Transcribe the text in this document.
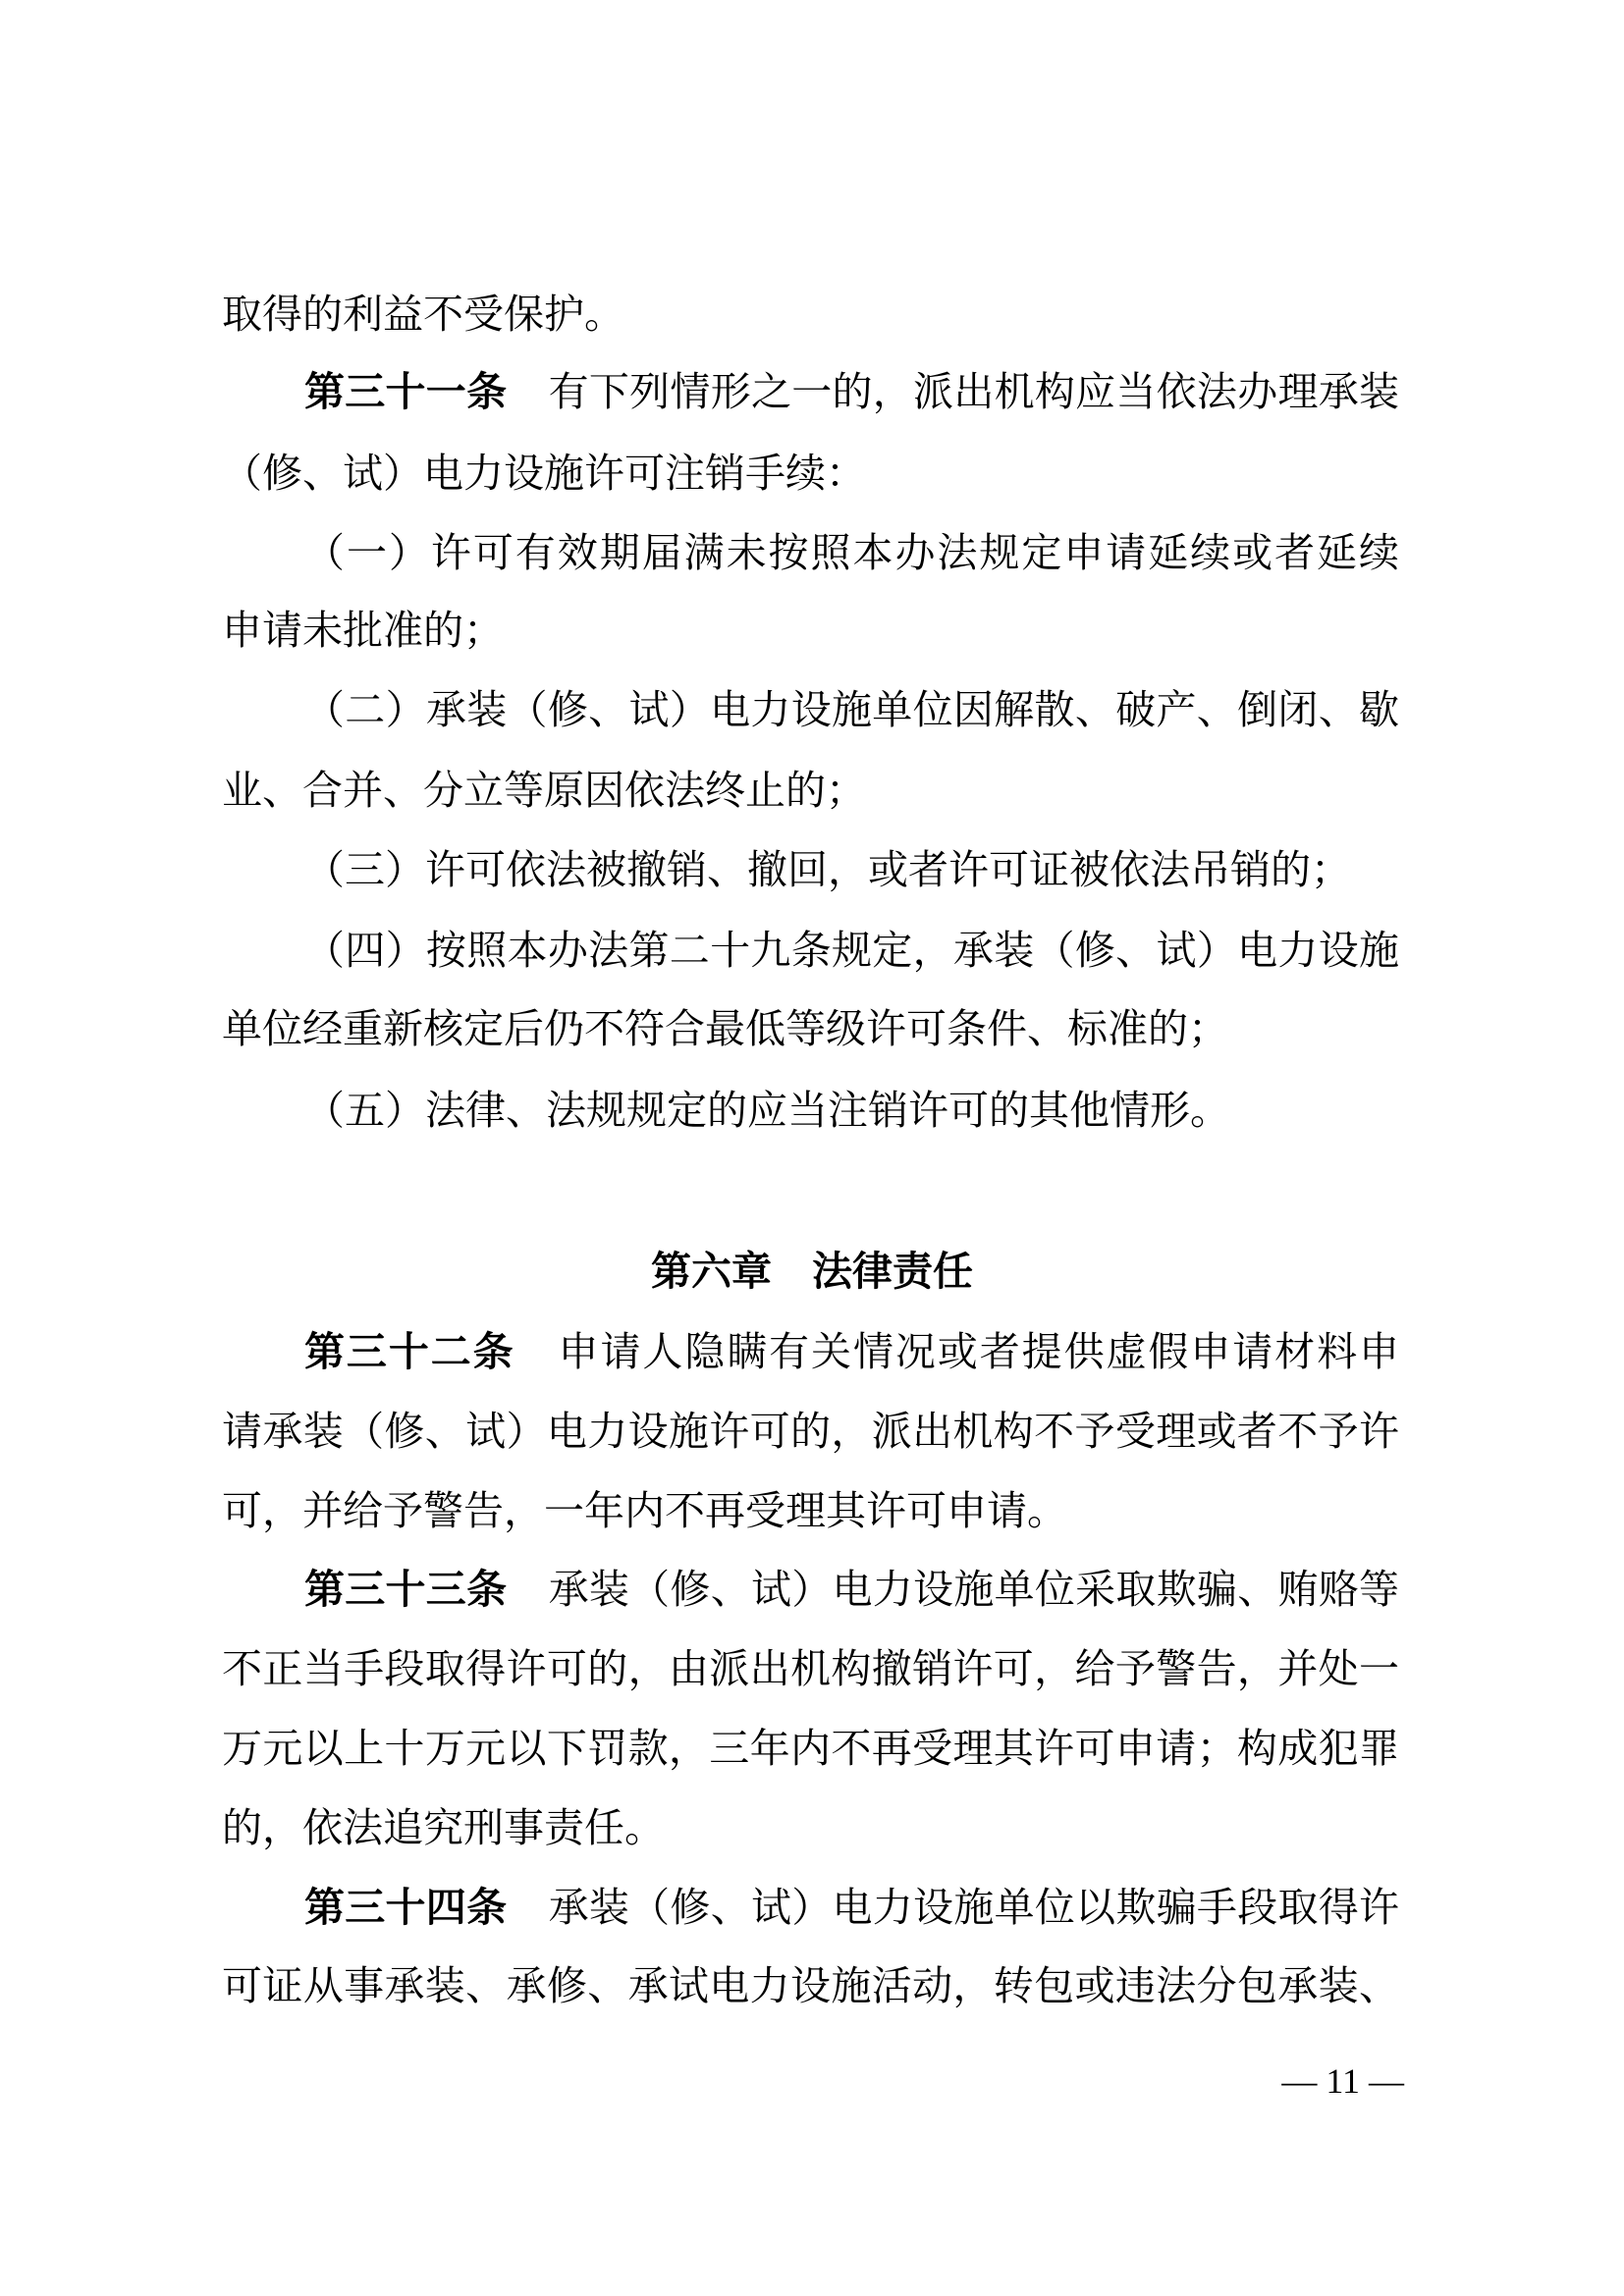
取得的利益不受保护。
第三十一条 有下列情形之一的，派出机构应当依法办理承装
（修、试）电力设施许可注销手续：
（一）许可有效期届满未按照本办法规定申请延续或者延续
申请未批准的；
（二）承装（修、试）电力设施单位因解散、破产、倒闭、歇
业、合并、分立等原因依法终止的；
（三）许可依法被撤销、撤回，或者许可证被依法吊销的；
（四）按照本办法第二十九条规定，承装（修、试）电力设施
单位经重新核定后仍不符合最低等级许可条件、标准的；
（五）法律、法规规定的应当注销许可的其他情形。
第六章　法律责任
第三十二条 申请人隐瞒有关情况或者提供虚假申请材料申
请承装（修、试）电力设施许可的，派出机构不予受理或者不予许
可，并给予警告，一年内不再受理其许可申请。
第三十三条 承装（修、试）电力设施单位采取欺骗、贿赂等
不正当手段取得许可的，由派出机构撤销许可，给予警告，并处一
万元以上十万元以下罚款，三年内不再受理其许可申请；构成犯罪
的，依法追究刑事责任。
第三十四条 承装（修、试）电力设施单位以欺骗手段取得许
可证从事承装、承修、承试电力设施活动，转包或违法分包承装、
— 11 —
